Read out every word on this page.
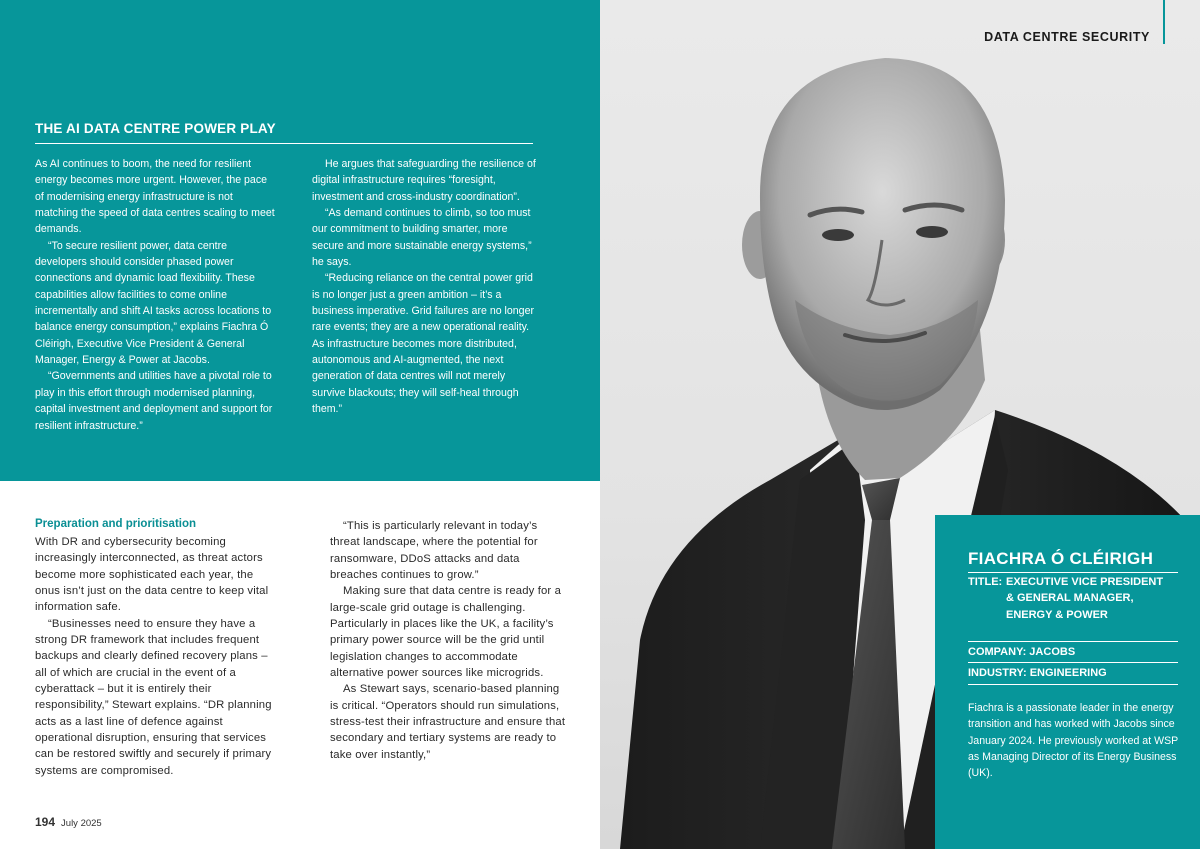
THE AI DATA CENTRE POWER PLAY

As AI continues to boom, the need for resilient energy becomes more urgent. However, the pace of modernising energy infrastructure is not matching the speed of data centres scaling to meet demands.

“To secure resilient power, data centre developers should consider phased power connections and dynamic load flexibility. These capabilities allow facilities to come online incrementally and shift AI tasks across locations to balance energy consumption,” explains Fiachra Ó Cléirigh, Executive Vice President & General Manager, Energy & Power at Jacobs.

“Governments and utilities have a pivotal role to play in this effort through modernised planning, capital investment and deployment and support for resilient infrastructure.”

He argues that safeguarding the resilience of digital infrastructure requires “foresight, investment and cross-industry coordination”.

“As demand continues to climb, so too must our commitment to building smarter, more secure and more sustainable energy systems,” he says.

“Reducing reliance on the central power grid is no longer just a green ambition – it’s a business imperative. Grid failures are no longer rare events; they are a new operational reality. As infrastructure becomes more distributed, autonomous and AI-augmented, the next generation of data centres will not merely survive blackouts; they will self-heal through them.”

Preparation and prioritisation

With DR and cybersecurity becoming increasingly interconnected, as threat actors become more sophisticated each year, the onus isn’t just on the data centre to keep vital information safe.

“Businesses need to ensure they have a strong DR framework that includes frequent backups and clearly defined recovery plans – all of which are crucial in the event of a cyberattack – but it is entirely their responsibility,” Stewart explains. “DR planning acts as a last line of defence against operational disruption, ensuring that services can be restored swiftly and securely if primary systems are compromised.

“This is particularly relevant in today’s threat landscape, where the potential for ransomware, DDoS attacks and data breaches continues to grow.”

Making sure that data centre is ready for a large-scale grid outage is challenging. Particularly in places like the UK, a facility’s primary power source will be the grid until legislation changes to accommodate alternative power sources like microgrids.

As Stewart says, scenario-based planning is critical. “Operators should run simulations, stress-test their infrastructure and ensure that secondary and tertiary systems are ready to take over instantly,”

194 July 2025
DATA CENTRE SECURITY
FIACHRA Ó CLÉIRIGH
TITLE: EXECUTIVE VICE PRESIDENT & GENERAL MANAGER, ENERGY & POWER
COMPANY: JACOBS
INDUSTRY: ENGINEERING
Fiachra is a passionate leader in the energy transition and has worked with Jacobs since January 2024. He previously worked at WSP as Managing Director of its Energy Business (UK).
